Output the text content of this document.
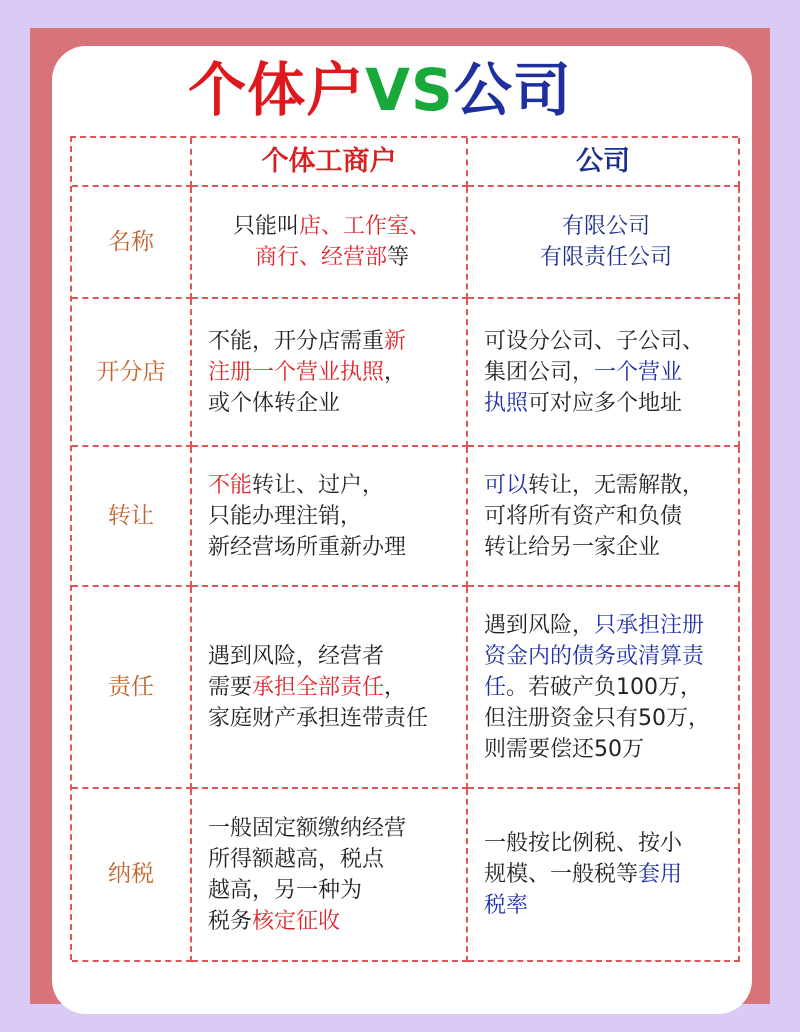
个体户VS公司
个体工商户	公司
名称
只能叫店、工作室、
商行、经营部等
有限公司
有限责任公司
开分店
不能，开分店需重新
注册一个营业执照，
或个体转企业
可设分公司、子公司、
集团公司，一个营业
执照可对应多个地址
转让
不能转让、过户，
只能办理注销，
新经营场所重新办理
可以转让，无需解散，
可将所有资产和负债
转让给另一家企业
责任
遇到风险，经营者
需要承担全部责任，
家庭财产承担连带责任
遇到风险，只承担注册
资金内的债务或清算责
任。若破产负100万，
但注册资金只有50万，
则需要偿还50万
纳税
一般固定额缴纳经营
所得额越高，税点
越高，另一种为
税务核定征收
一般按比例税、按小
规模、一般税等套用
税率
